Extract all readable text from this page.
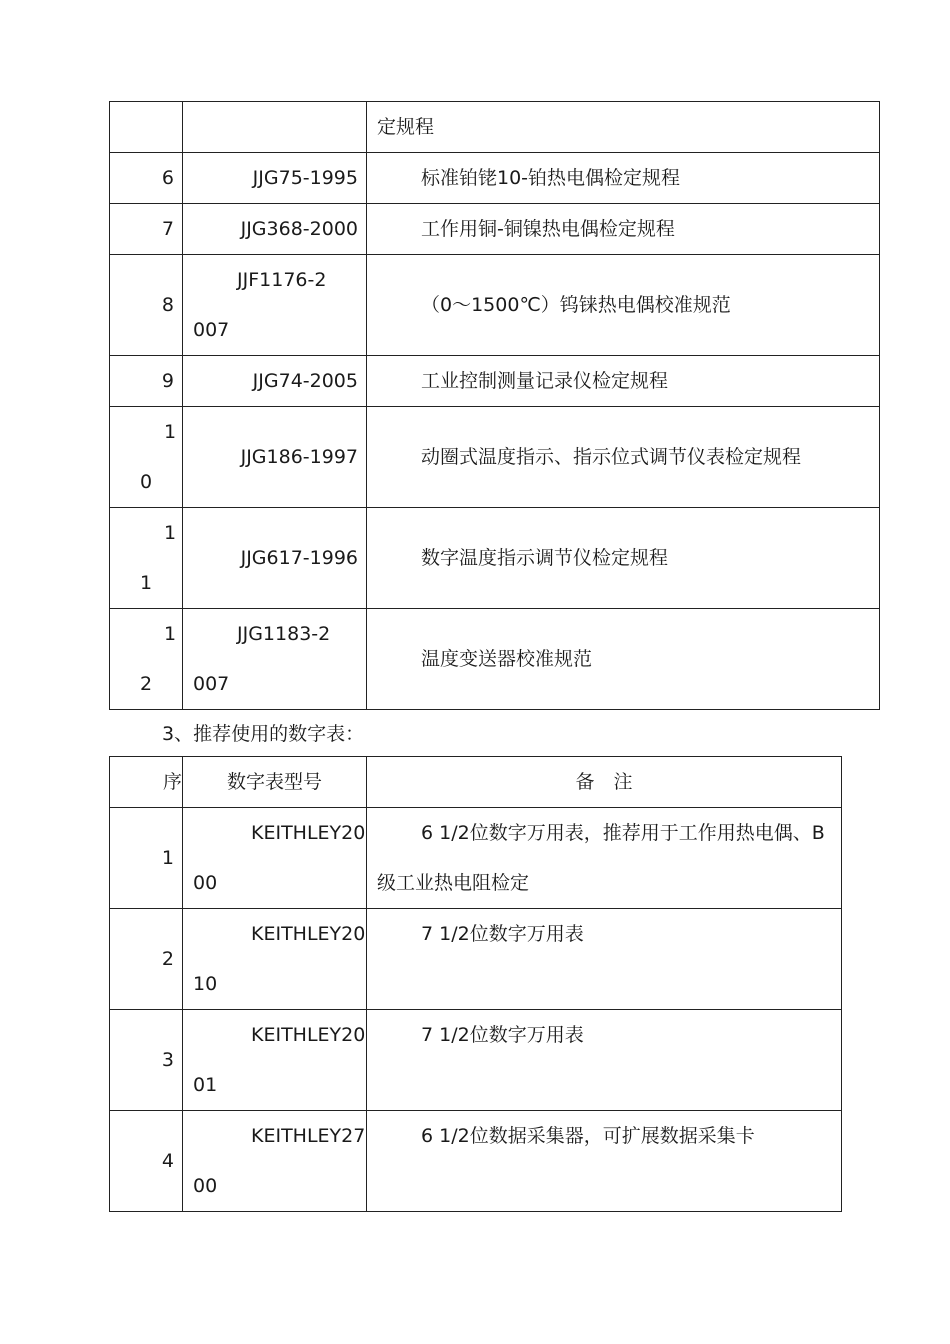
		定规程
6	JJG75-1995	标准铂铑10-铂热电偶检定规程
7	JJG368-2000	工作用铜-铜镍热电偶检定规程
8	JJF1176-2007	（0～1500℃）钨铼热电偶校准规范
9	JJG74-2005	工业控制测量记录仪检定规程
10	JJG186-1997	动圈式温度指示、指示位式调节仪表检定规程
11	JJG617-1996	数字温度指示调节仪检定规程
12	JJG1183-2007	温度变送器校准规范
3、推荐使用的数字表：
序	数字表型号	备　注
1	KEITHLEY2000	6 1/2位数字万用表，推荐用于工作用热电偶、B级工业热电阻检定
2	KEITHLEY2010	7 1/2位数字万用表
3	KEITHLEY2001	7 1/2位数字万用表
4	KEITHLEY2700	6 1/2位数据采集器，可扩展数据采集卡
